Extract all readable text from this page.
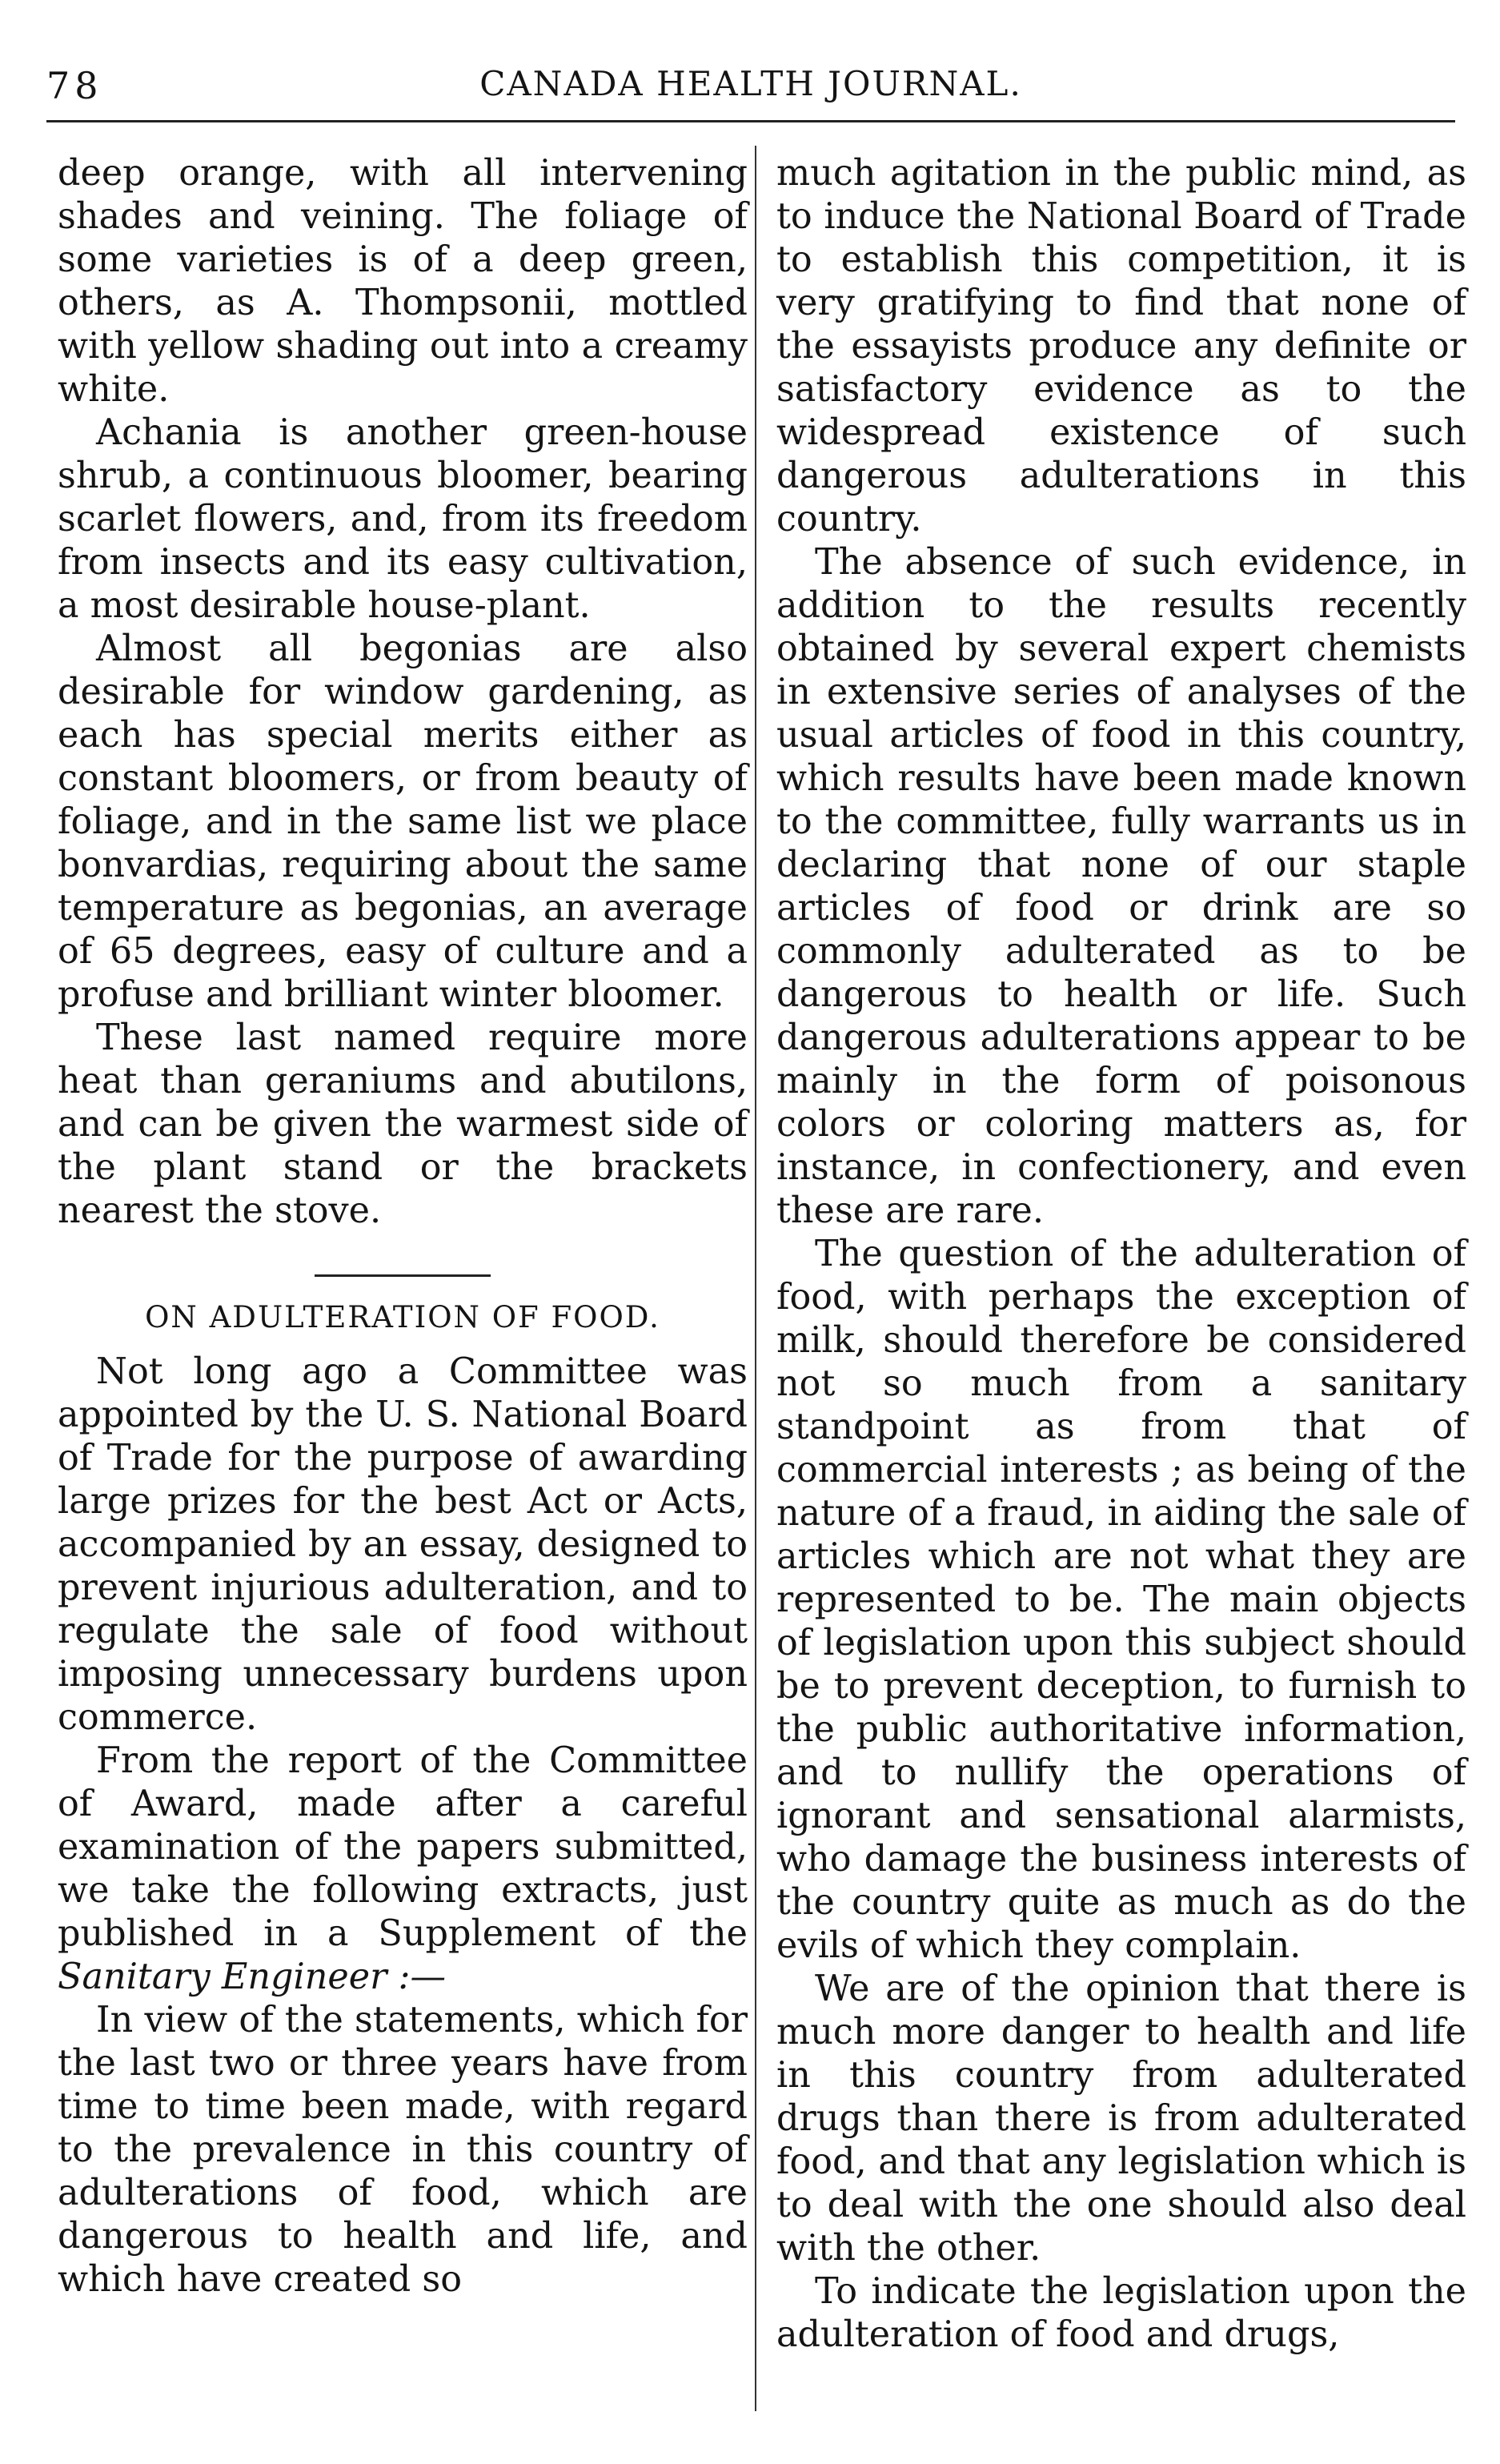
78	CANADA HEALTH JOURNAL.

deep orange, with all intervening shades and veining. The foliage of some varieties is of a deep green, others, as A. Thompsonii, mottled with yellow shading out into a creamy white.

Achania is another green-house shrub, a continuous bloomer, bearing scarlet flowers, and, from its freedom from insects and its easy cultivation, a most desirable house-plant.

Almost all begonias are also desirable for window gardening, as each has special merits either as constant bloomers, or from beauty of foliage, and in the same list we place bonvardias, requiring about the same temperature as begonias, an average of 65 degrees, easy of culture and a profuse and brilliant winter bloomer.

These last named require more heat than geraniums and abutilons, and can be given the warmest side of the plant stand or the brackets nearest the stove.

ON ADULTERATION OF FOOD.

Not long ago a Committee was appointed by the U. S. National Board of Trade for the purpose of awarding large prizes for the best Act or Acts, accompanied by an essay, designed to prevent injurious adulteration, and to regulate the sale of food without imposing unnecessary burdens upon commerce.

From the report of the Committee of Award, made after a careful examination of the papers submitted, we take the following extracts, just published in a Supplement of the Sanitary Engineer :—

In view of the statements, which for the last two or three years have from time to time been made, with regard to the prevalence in this country of adulterations of food, which are dangerous to health and life, and which have created so

much agitation in the public mind, as to induce the National Board of Trade to establish this competition, it is very gratifying to find that none of the essayists produce any definite or satisfactory evidence as to the widespread existence of such dangerous adulterations in this country.

The absence of such evidence, in addition to the results recently obtained by several expert chemists in extensive series of analyses of the usual articles of food in this country, which results have been made known to the committee, fully warrants us in declaring that none of our staple articles of food or drink are so commonly adulterated as to be dangerous to health or life. Such dangerous adulterations appear to be mainly in the form of poisonous colors or coloring matters as, for instance, in confectionery, and even these are rare.

The question of the adulteration of food, with perhaps the exception of milk, should therefore be considered not so much from a sanitary standpoint as from that of commercial interests ; as being of the nature of a fraud, in aiding the sale of articles which are not what they are represented to be. The main objects of legislation upon this subject should be to prevent deception, to furnish to the public authoritative information, and to nullify the operations of ignorant and sensational alarmists, who damage the business interests of the country quite as much as do the evils of which they complain.

We are of the opinion that there is much more danger to health and life in this country from adulterated drugs than there is from adulterated food, and that any legislation which is to deal with the one should also deal with the other.

To indicate the legislation upon the adulteration of food and drugs,
